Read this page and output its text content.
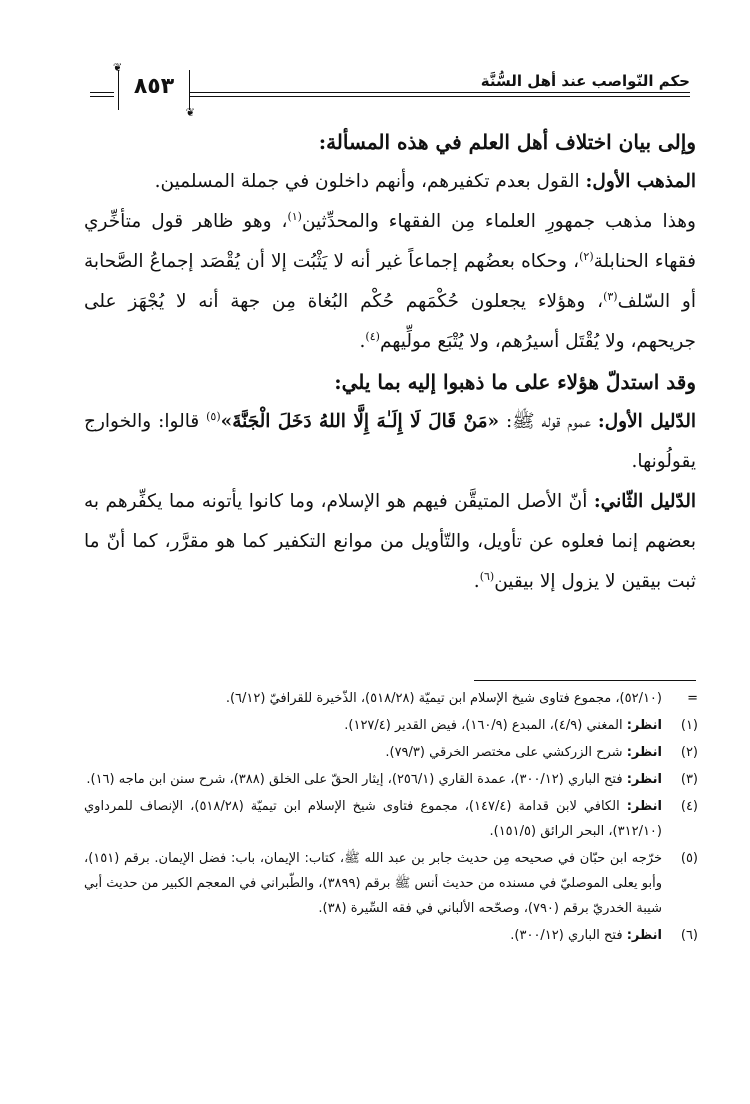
حكم النّواصب عند أهل السُّنَّة
❦
❦
٨٥٣

وإلى بيان اختلاف أهل العلم في هذه المسألة:

المذهب الأول: القول بعدم تكفيرهم، وأنهم داخلون في جملة المسلمين.

وهذا مذهب جمهورِ العلماء مِن الفقهاء والمحدِّثين$^{(١)}$، وهو ظاهر قول متأخِّري فقهاء الحنابلة$^{(٢)}$، وحكاه بعضُهم إجماعاً غير أنه لا يَثْبُت إلا أن يُقْصَد إجماعُ الصَّحابة أو السّلف$^{(٣)}$، وهؤلاء يجعلون حُكْمَهم حُكْم البُغاة مِن جهة أنه لا يُجْهَز على جريحهم، ولا يُقْتَل أسيرُهم، ولا يُتْبَع مولِّيهم$^{(٤)}$.

وقد استدلّ هؤلاء على ما ذهبوا إليه بما يلي:

الدّليل الأول: عموم قوله ﷺ: «مَنْ قَالَ لَا إِلَـٰهَ إِلَّا اللهُ دَخَلَ الْجَنَّةَ»$^{(٥)}$ قالوا: والخوارج يقولُونها.

الدّليل الثّاني: أنّ الأصل المتيقَّن فيهم هو الإسلام، وما كانوا يأتونه مما يكفِّرهم به بعضهم إنما فعلوه عن تأويل، والتّأويل من موانع التكفير كما هو مقرَّر، كما أنّ ما ثبت بيقين لا يزول إلا بيقين$^{(٦)}$.

=
(٥٢/١٠)، مجموع فتاوى شيخ الإسلام ابن تيميّة (٥١٨/٢٨)، الذّخيرة للقرافيّ (٦/١٢).
(١)
انظر: المغني (٤/٩)، المبدع (١٦٠/٩)، فيض القدير (١٢٧/٤).
(٢)
انظر: شرح الزركشي على مختصر الخرقي (٧٩/٣).
(٣)
انظر: فتح الباري (٣٠٠/١٢)، عمدة القاري (٢٥٦/١)، إيثار الحقّ على الخلق (٣٨٨)، شرح سنن ابن ماجه (١٦).
(٤)
انظر: الكافي لابن قدامة (١٤٧/٤)، مجموع فتاوى شيخ الإسلام ابن تيميّة (٥١٨/٢٨)، الإنصاف للمرداوي (٣١٢/١٠)، البحر الرائق (١٥١/٥).
(٥)
خرّجه ابن حبّان في صحيحه مِن حديث جابر بن عبد الله ﷺ، كتاب: الإيمان، باب: فضل الإيمان. برقم (١٥١)، وأبو يعلى الموصليّ في مسنده من حديث أنس ﷺ برقم (٣٨٩٩)، والطّبراني في المعجم الكبير من حديث أبي شيبة الخدريّ برقم (٧٩٠)، وصحّحه الألباني في فقه السِّيرة (٣٨).
(٦)
انظر: فتح الباري (٣٠٠/١٢).
